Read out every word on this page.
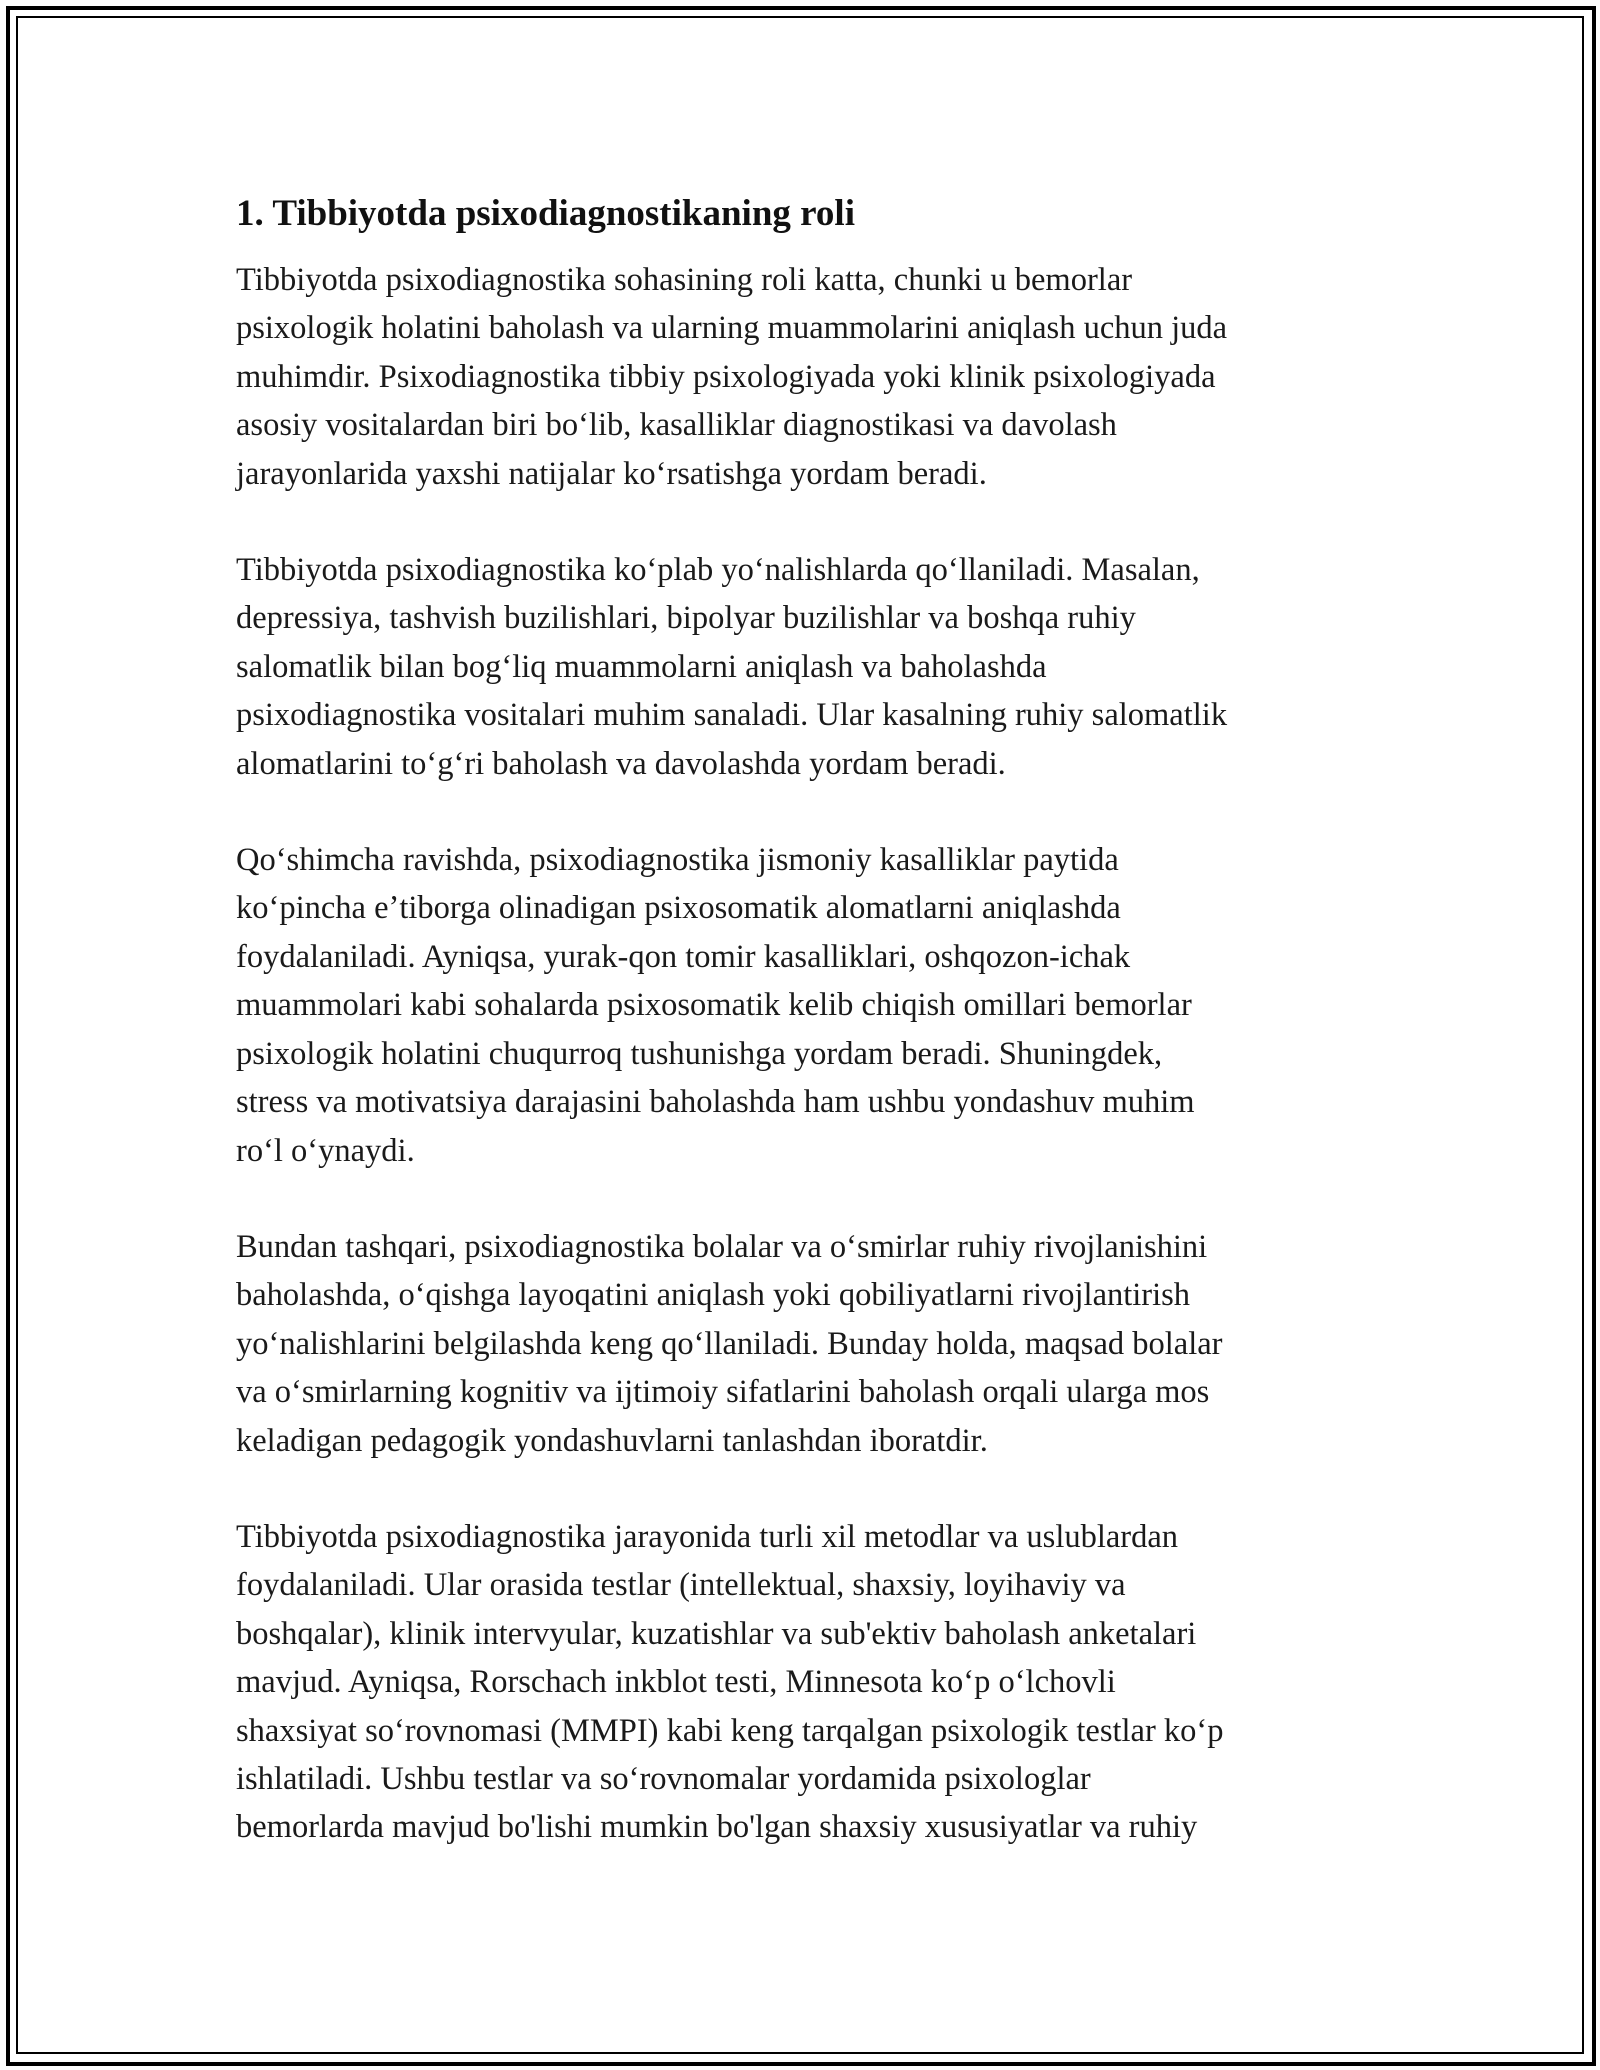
1. Tibbiyotda psixodiagnostikaning roli

Tibbiyotda psixodiagnostika sohasining roli katta, chunki u bemorlar
psixologik holatini baholash va ularning muammolarini aniqlash uchun juda
muhimdir. Psixodiagnostika tibbiy psixologiyada yoki klinik psixologiyada
asosiy vositalardan biri boʻlib, kasalliklar diagnostikasi va davolash
jarayonlarida yaxshi natijalar koʻrsatishga yordam beradi.

Tibbiyotda psixodiagnostika koʻplab yoʻnalishlarda qoʻllaniladi. Masalan,
depressiya, tashvish buzilishlari, bipolyar buzilishlar va boshqa ruhiy
salomatlik bilan bogʻliq muammolarni aniqlash va baholashda
psixodiagnostika vositalari muhim sanaladi. Ular kasalning ruhiy salomatlik
alomatlarini toʻgʻri baholash va davolashda yordam beradi.

Qoʻshimcha ravishda, psixodiagnostika jismoniy kasalliklar paytida
koʻpincha eʼtiborga olinadigan psixosomatik alomatlarni aniqlashda
foydalaniladi. Ayniqsa, yurak-qon tomir kasalliklari, oshqozon-ichak
muammolari kabi sohalarda psixosomatik kelib chiqish omillari bemorlar
psixologik holatini chuqurroq tushunishga yordam beradi. Shuningdek,
stress va motivatsiya darajasini baholashda ham ushbu yondashuv muhim
roʻl oʻynaydi.

Bundan tashqari, psixodiagnostika bolalar va oʻsmirlar ruhiy rivojlanishini
baholashda, oʻqishga layoqatini aniqlash yoki qobiliyatlarni rivojlantirish
yoʻnalishlarini belgilashda keng qoʻllaniladi. Bunday holda, maqsad bolalar
va oʻsmirlarning kognitiv va ijtimoiy sifatlarini baholash orqali ularga mos
keladigan pedagogik yondashuvlarni tanlashdan iboratdir.

Tibbiyotda psixodiagnostika jarayonida turli xil metodlar va uslublardan
foydalaniladi. Ular orasida testlar (intellektual, shaxsiy, loyihaviy va
boshqalar), klinik intervyular, kuzatishlar va sub'ektiv baholash anketalari
mavjud. Ayniqsa, Rorschach inkblot testi, Minnesota koʻp oʻlchovli
shaxsiyat soʻrovnomasi (MMPI) kabi keng tarqalgan psixologik testlar koʻp
ishlatiladi. Ushbu testlar va soʻrovnomalar yordamida psixologlar
bemorlarda mavjud bo'lishi mumkin bo'lgan shaxsiy xususiyatlar va ruhiy
